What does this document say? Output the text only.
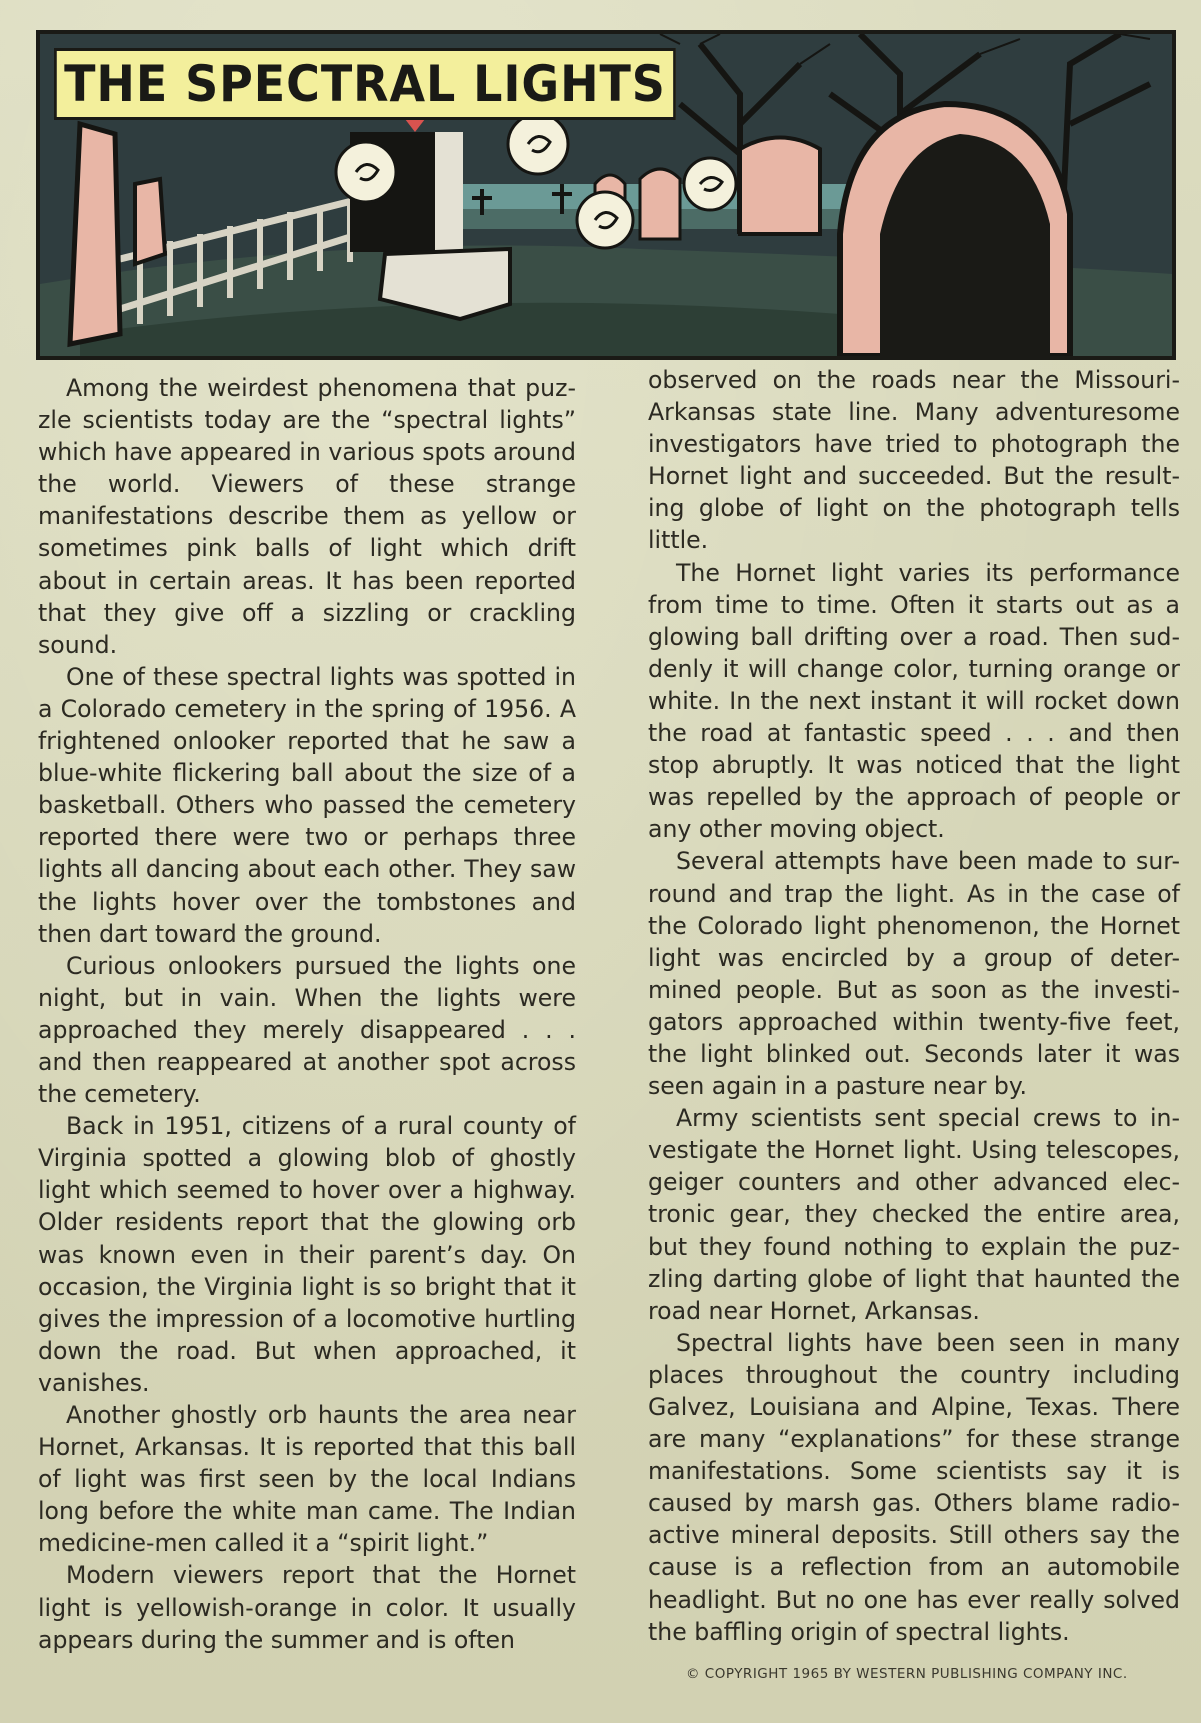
THE SPECTRAL LIGHTS

Among the weirdest phenomena that puz-zle scientists today are the “spectral lights” which have appeared in various spots around the world. Viewers of these strange manifestations describe them as yellow or sometimes pink balls of light which drift about in certain areas. It has been reported that they give off a sizzling or crackling sound.

One of these spectral lights was spotted in a Colorado cemetery in the spring of 1956. A frightened onlooker reported that he saw a blue-white flickering ball about the size of a basketball. Others who passed the cemetery reported there were two or perhaps three lights all dancing about each other. They saw the lights hover over the tombstones and then dart toward the ground.

Curious onlookers pursued the lights one night, but in vain. When the lights were approached they merely disappeared . . . and then reappeared at another spot across the cemetery.

Back in 1951, citizens of a rural county of Virginia spotted a glowing blob of ghostly light which seemed to hover over a highway. Older residents report that the glowing orb was known even in their parent’s day. On occasion, the Virginia light is so bright that it gives the impression of a locomotive hurtling down the road. But when approached, it vanishes.

Another ghostly orb haunts the area near Hornet, Arkansas. It is reported that this ball of light was first seen by the local Indians long before the white man came. The Indian medicine-men called it a “spirit light.”

Modern viewers report that the Hornet light is yellowish-orange in color. It usually appears during the summer and is often

observed on the roads near the Missouri-Arkansas state line. Many adventuresome investigators have tried to photograph the Hornet light and succeeded. But the result-ing globe of light on the photograph tells little.

The Hornet light varies its performance from time to time. Often it starts out as a glowing ball drifting over a road. Then sud-denly it will change color, turning orange or white. In the next instant it will rocket down the road at fantastic speed . . . and then stop abruptly. It was noticed that the light was repelled by the approach of people or any other moving object.

Several attempts have been made to sur-round and trap the light. As in the case of the Colorado light phenomenon, the Hornet light was encircled by a group of deter-mined people. But as soon as the investi-gators approached within twenty-five feet, the light blinked out. Seconds later it was seen again in a pasture near by.

Army scientists sent special crews to in-vestigate the Hornet light. Using telescopes, geiger counters and other advanced elec-tronic gear, they checked the entire area, but they found nothing to explain the puz-zling darting globe of light that haunted the road near Hornet, Arkansas.

Spectral lights have been seen in many places throughout the country including Galvez, Louisiana and Alpine, Texas. There are many “explanations” for these strange manifestations. Some scientists say it is caused by marsh gas. Others blame radio-active mineral deposits. Still others say the cause is a reflection from an automobile headlight. But no one has ever really solved the baffling origin of spectral lights.

© COPYRIGHT 1965 BY WESTERN PUBLISHING COMPANY INC.
